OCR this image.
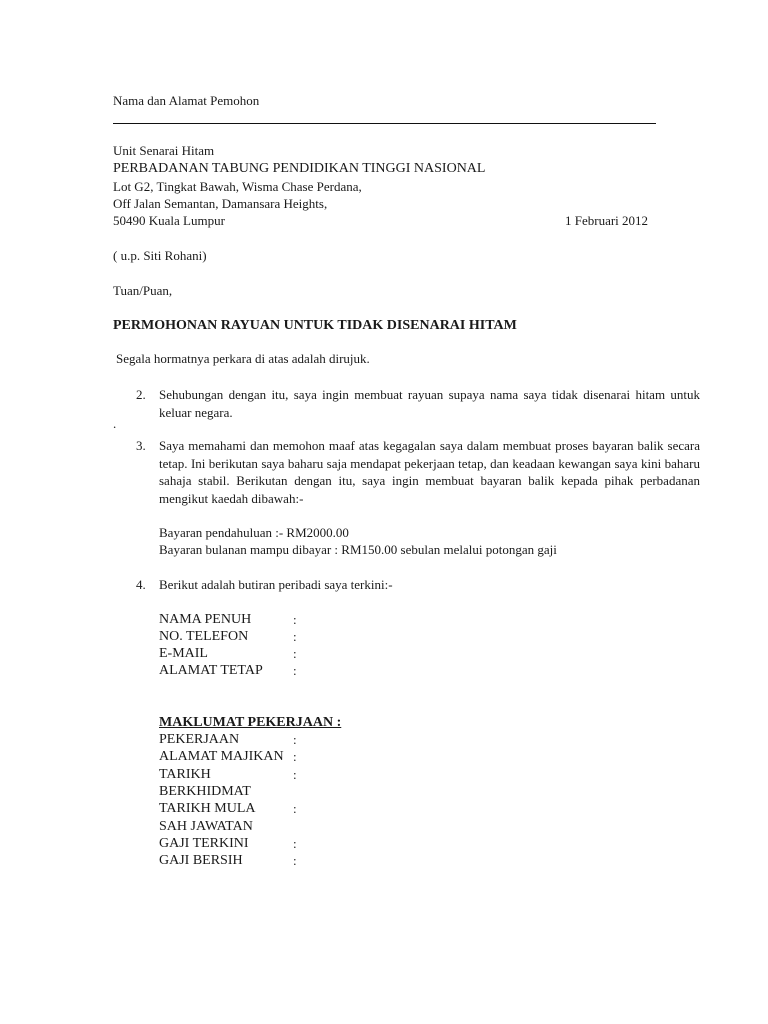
Nama dan Alamat Pemohon
Unit Senarai Hitam
PERBADANAN TABUNG PENDIDIKAN TINGGI NASIONAL
Lot G2, Tingkat Bawah, Wisma Chase Perdana,
Off Jalan Semantan, Damansara Heights,
50490 Kuala Lumpur	1 Februari 2012
( u.p. Siti Rohani)
Tuan/Puan,
PERMOHONAN RAYUAN UNTUK TIDAK DISENARAI HITAM
Segala hormatnya perkara di atas adalah dirujuk.
2. Sehubungan dengan itu, saya ingin membuat rayuan supaya nama saya tidak disenarai hitam untuk keluar negara.
.
3. Saya memahami dan memohon maaf atas kegagalan saya dalam membuat proses bayaran balik secara tetap. Ini berikutan saya baharu saja mendapat pekerjaan tetap, dan keadaan kewangan saya kini baharu sahaja stabil. Berikutan dengan itu, saya ingin membuat bayaran balik kepada pihak perbadanan mengikut kaedah dibawah:-
Bayaran pendahuluan :- RM2000.00
Bayaran bulanan mampu dibayar : RM150.00 sebulan melalui potongan gaji
4. Berikut adalah butiran peribadi saya terkini:-
NAMA PENUH	:
NO. TELEFON	:
E-MAIL	:
ALAMAT TETAP :
MAKLUMAT PEKERJAAN :
PEKERJAAN	:
ALAMAT MAJIKAN :
TARIKH	:
BERKHIDMAT
TARIKH MULA	:
SAH JAWATAN
GAJI TERKINI	:
GAJI BERSIH	:
